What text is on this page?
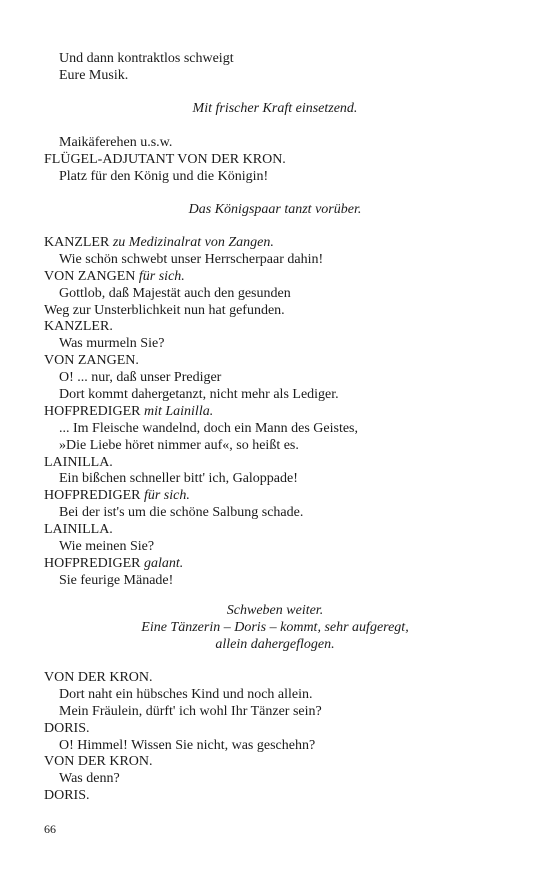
Und dann kontraktlos schweigt
Eure Musik.
Mit frischer Kraft einsetzend.
Maikäferehen u.s.w.
FLÜGEL-ADJUTANT VON DER KRON.
Platz für den König und die Königin!
Das Königspaar tanzt vorüber.
KANZLER zu Medizinalrat von Zangen.
Wie schön schwebt unser Herrscherpaar dahin!
VON ZANGEN für sich.
Gottlob, daß Majestät auch den gesunden
Weg zur Unsterblichkeit nun hat gefunden.
KANZLER.
Was murmeln Sie?
VON ZANGEN.
O! ... nur, daß unser Prediger
Dort kommt dahergetanzt, nicht mehr als Lediger.
HOFPREDIGER mit Lainilla.
... Im Fleische wandelnd, doch ein Mann des Geistes,
»Die Liebe höret nimmer auf«, so heißt es.
LAINILLA.
Ein bißchen schneller bitt' ich, Galoppade!
HOFPREDIGER für sich.
Bei der ist's um die schöne Salbung schade.
LAINILLA.
Wie meinen Sie?
HOFPREDIGER galant.
Sie feurige Mänade!
Schweben weiter.
Eine Tänzerin – Doris – kommt, sehr aufgeregt,
allein dahergeflogen.
VON DER KRON.
Dort naht ein hübsches Kind und noch allein.
Mein Fräulein, dürft' ich wohl Ihr Tänzer sein?
DORIS.
O! Himmel! Wissen Sie nicht, was geschehn?
VON DER KRON.
Was denn?
DORIS.
66
